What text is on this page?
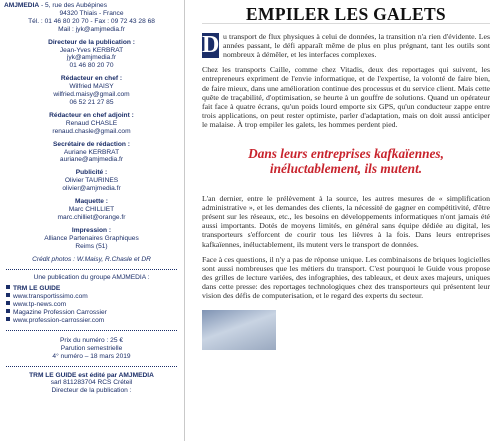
AMJMEDIA - 5, rue des Aubépines
94320 Thiais - France
Tél. : 01 46 80 20 70 - Fax : 09 72 43 28 68
Mail : jyk@amjmedia.fr
Directeur de la publication :
Jean-Yves KERBRAT
jyk@amjmedia.fr
01 46 80 20 70
Rédacteur en chef :
Wilfried MAISY
wilfried.maisy@gmail.com
06 52 21 27 85
Rédacteur en chef adjoint :
Renaud CHASLE
renaud.chasle@gmail.com
Secrétaire de rédaction :
Auriane KERBRAT
auriane@amjmedia.fr
Publicité :
Olivier TAURINES
olivier@amjmedia.fr
Maquette :
Marc CHILLIET
marc.chilliet@orange.fr
Impression :
Alliance Partenaires Graphiques
Reims (51)
Crédit photos : W.Maisy, R.Chasle et DR
Une publication du groupe AMJMEDIA :
TRM LE GUIDE
www.transportissimo.com
www.tp-news.com
Magazine Profession Carrossier
www.profession-carrossier.com
Prix du numéro : 25 €
Parution semestrielle
4° numéro – 18 mars 2019
TRM LE GUIDE est édité par AMJMEDIA
sarl 811283704 RCS Créteil
Directeur de la publication :
EMPILER LES GALETS
D u transport de flux physiques à celui de données, la transition n'a rien d'évidente. Les années passant, le défi apparaît même de plus en plus prégnant, tant les outils sont nombreux à démêler, et les interfaces complexes.
Chez les transports Caille, comme chez Vitadis, deux des reportages qui suivent, les entrepreneurs expriment de l'envie informatique, et de l'expertise, la volonté de faire bien, de faire mieux, dans une amélioration continue des processus et du service client. Mais cette quête de traçabilité, d'optimisation, se heurte à un gouffre de solutions. Quand un opérateur fait face à quatre écrans, qu'un poids lourd emporte six GPS, qu'un conducteur zappe entre trois applications, on peut rester optimiste, parler d'adaptation, mais on doit aussi anticiper le malaise. À trop empiler les galets, les hommes perdent pied.
Dans leurs entreprises kafkaïennes,
inéluctablement, ils mutent.
L'an dernier, entre le prélèvement à la source, les autres mesures de « simplification administrative », et les demandes des clients, la nécessité de gagner en compétitivité, d'être présent sur les réseaux, etc., les besoins en développements informatiques n'ont jamais été aussi importants. Dotés de moyens limités, en général sans équipe dédiée au digital, les transporteurs s'efforcent de courir tous les lièvres à la fois. Dans leurs entreprises kafkaïennes, inéluctablement, ils mutent vers le transport de données.
Face à ces questions, il n'y a pas de réponse unique. Les combinaisons de briques logicielles sont aussi nombreuses que les métiers du transport. C'est pourquoi le Guide vous propose des grilles de lecture variées, des infographies, des tableaux, et deux axes majeurs, uniques dans cette presse: des reportages technologiques chez des transporteurs qui présentent leur vision des défis de computerisation, et le regard des experts du secteur.
